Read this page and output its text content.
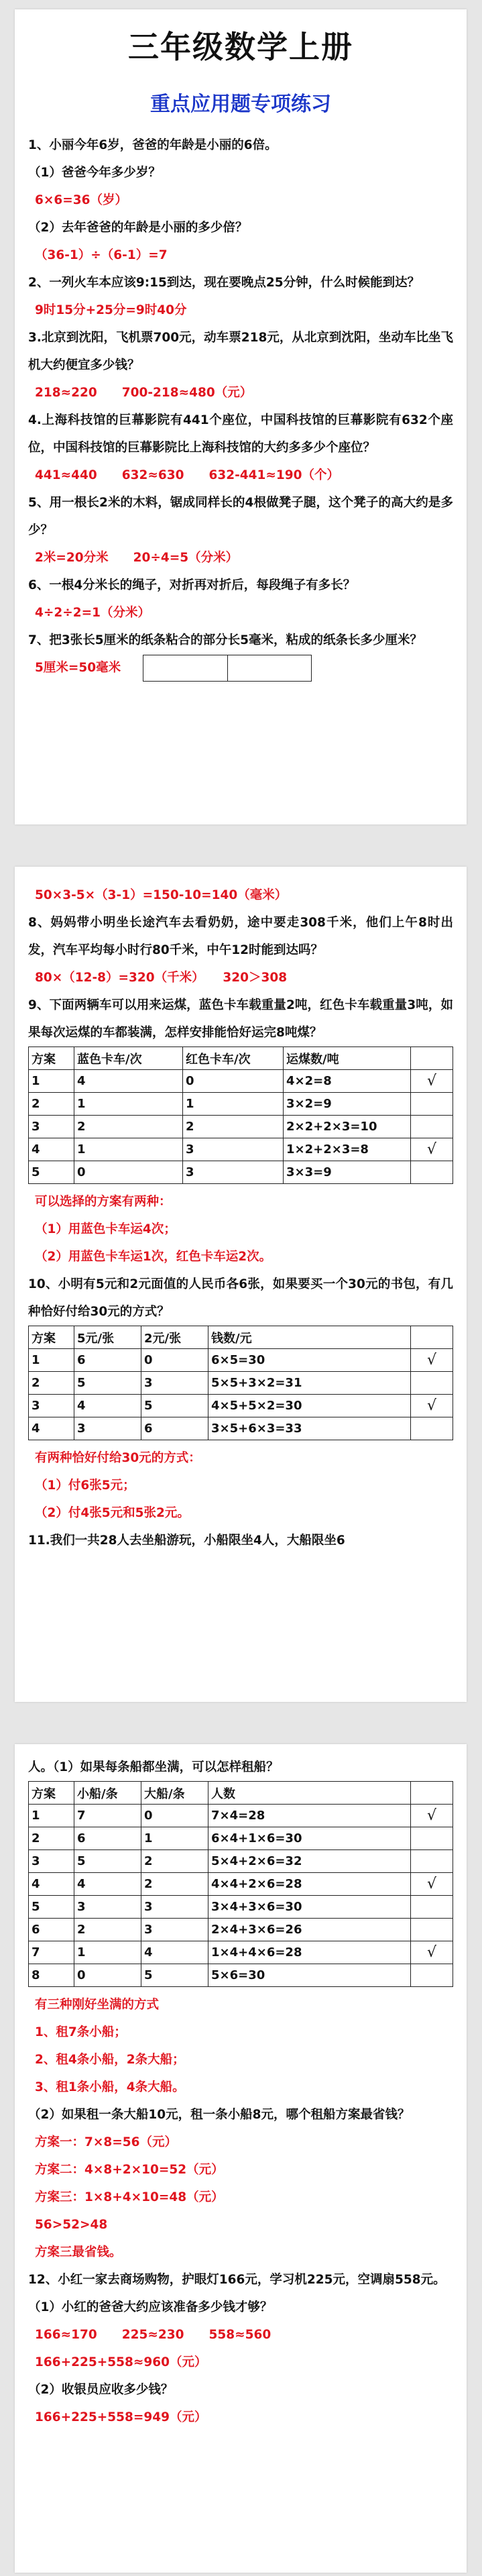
三年级数学上册
重点应用题专项练习

1、小丽今年6岁，爸爸的年龄是小丽的6倍。

（1）爸爸今年多少岁？

6×6=36（岁）

（2）去年爸爸的年龄是小丽的多少倍？

（36-1）÷（6-1）=7

2、一列火车本应该9:15到达，现在要晚点25分钟，什么时候能到达？

9时15分+25分=9时40分

3.北京到沈阳，飞机票700元，动车票218元，从北京到沈阳，坐动车比坐飞机大约便宜多少钱？

218≈220　　700-218≈480（元）

4.上海科技馆的巨幕影院有441个座位，中国科技馆的巨幕影院有632个座位，中国科技馆的巨幕影院比上海科技馆的大约多多少个座位？

441≈440　　632≈630　　632-441≈190（个）

5、用一根长2米的木料，锯成同样长的4根做凳子腿，这个凳子的高大约是多少？

2米=20分米　　20÷4=5（分米）

6、一根4分米长的绳子，对折再对折后，每段绳子有多长？

4÷2÷2=1（分米）

7、把3张长5厘米的纸条粘合的部分长5毫米，粘成的纸条长多少厘米？

5厘米=50毫米

50×3-5×（3-1）=150-10=140（毫米）

8、妈妈带小明坐长途汽车去看奶奶，途中要走308千米，他们上午8时出发，汽车平均每小时行80千米，中午12时能到达吗？

80×（12-8）=320（千米）　　320＞308

9、下面两辆车可以用来运煤，蓝色卡车载重量2吨，红色卡车载重量3吨，如果每次运煤的车都装满，怎样安排能恰好运完8吨煤？

方案	蓝色卡车/次	红色卡车/次	运煤数/吨	
1	4	0	4×2=8	√
2	1	1	3×2=9	
3	2	2	2×2+2×3=10	
4	1	3	1×2+2×3=8	√
5	0	3	3×3=9	

可以选择的方案有两种：

（1）用蓝色卡车运4次；

（2）用蓝色卡车运1次，红色卡车运2次。

10、小明有5元和2元面值的人民币各6张，如果要买一个30元的书包，有几种恰好付给30元的方式？

方案	5元/张	2元/张	钱数/元	
1	6	0	6×5=30	√
2	5	3	5×5+3×2=31	
3	4	5	4×5+5×2=30	√
4	3	6	3×5+6×3=33	

有两种恰好付给30元的方式：

（1）付6张5元；

（2）付4张5元和5张2元。

11.我们一共28人去坐船游玩，小船限坐4人，大船限坐6

人。（1）如果每条船都坐满，可以怎样租船？

方案	小船/条	大船/条	人数	
1	7	0	7×4=28	√
2	6	1	6×4+1×6=30	
3	5	2	5×4+2×6=32	
4	4	2	4×4+2×6=28	√
5	3	3	3×4+3×6=30	
6	2	3	2×4+3×6=26	
7	1	4	1×4+4×6=28	√
8	0	5	5×6=30	

有三种刚好坐满的方式

1、租7条小船；

2、租4条小船，2条大船；

3、租1条小船，4条大船。

（2）如果租一条大船10元，租一条小船8元，哪个租船方案最省钱？

方案一：7×8=56（元）

方案二：4×8+2×10=52（元）

方案三：1×8+4×10=48（元）

56>52>48

方案三最省钱。

12、小红一家去商场购物，护眼灯166元，学习机225元，空调扇558元。

（1）小红的爸爸大约应该准备多少钱才够？

166≈170　　225≈230　　558≈560

166+225+558≈960（元）

（2）收银员应收多少钱？

166+225+558=949（元）
